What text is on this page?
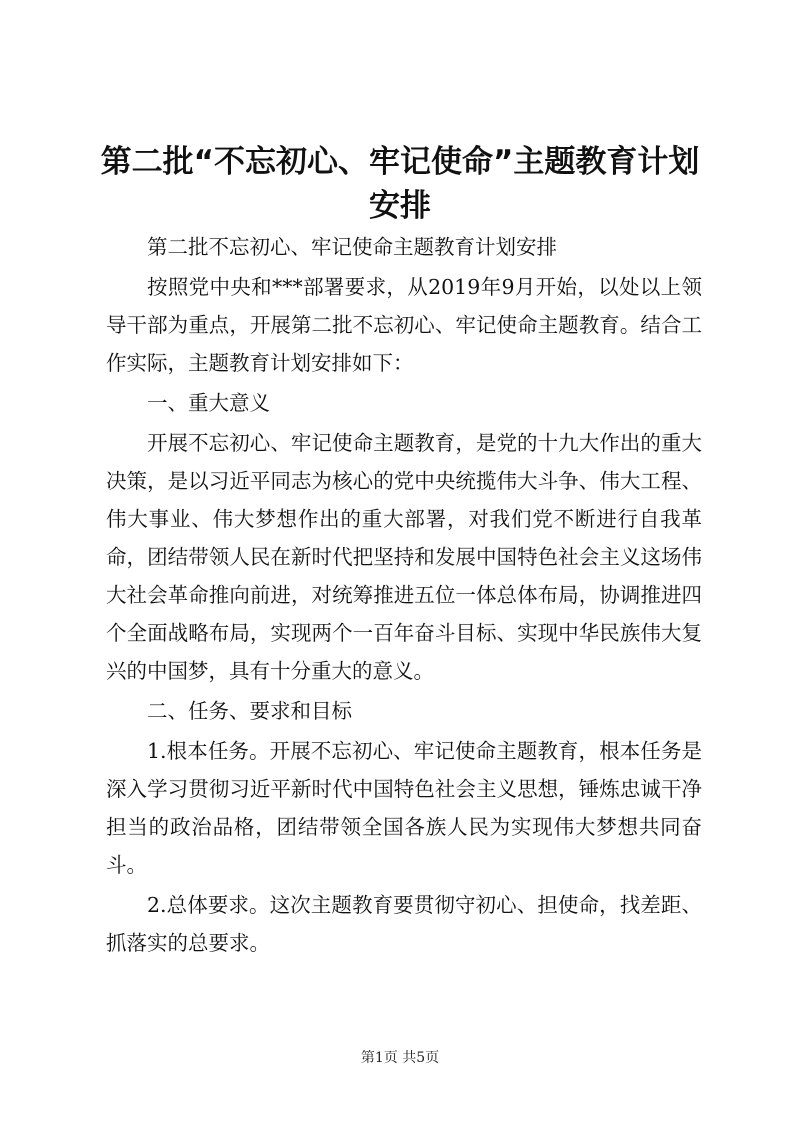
第二批“不忘初心、牢记使命”主题教育计划安排

第二批不忘初心、牢记使命主题教育计划安排

按照党中央和***部署要求，从2019年9月开始，以处以上领导干部为重点，开展第二批不忘初心、牢记使命主题教育。结合工作实际，主题教育计划安排如下：

一、重大意义

开展不忘初心、牢记使命主题教育，是党的十九大作出的重大决策，是以习近平同志为核心的党中央统揽伟大斗争、伟大工程、伟大事业、伟大梦想作出的重大部署，对我们党不断进行自我革命，团结带领人民在新时代把坚持和发展中国特色社会主义这场伟大社会革命推向前进，对统筹推进五位一体总体布局，协调推进四个全面战略布局，实现两个一百年奋斗目标、实现中华民族伟大复兴的中国梦，具有十分重大的意义。

二、任务、要求和目标

1.根本任务。开展不忘初心、牢记使命主题教育，根本任务是深入学习贯彻习近平新时代中国特色社会主义思想，锤炼忠诚干净担当的政治品格，团结带领全国各族人民为实现伟大梦想共同奋斗。

2.总体要求。这次主题教育要贯彻守初心、担使命，找差距、抓落实的总要求。

第1页 共5页
